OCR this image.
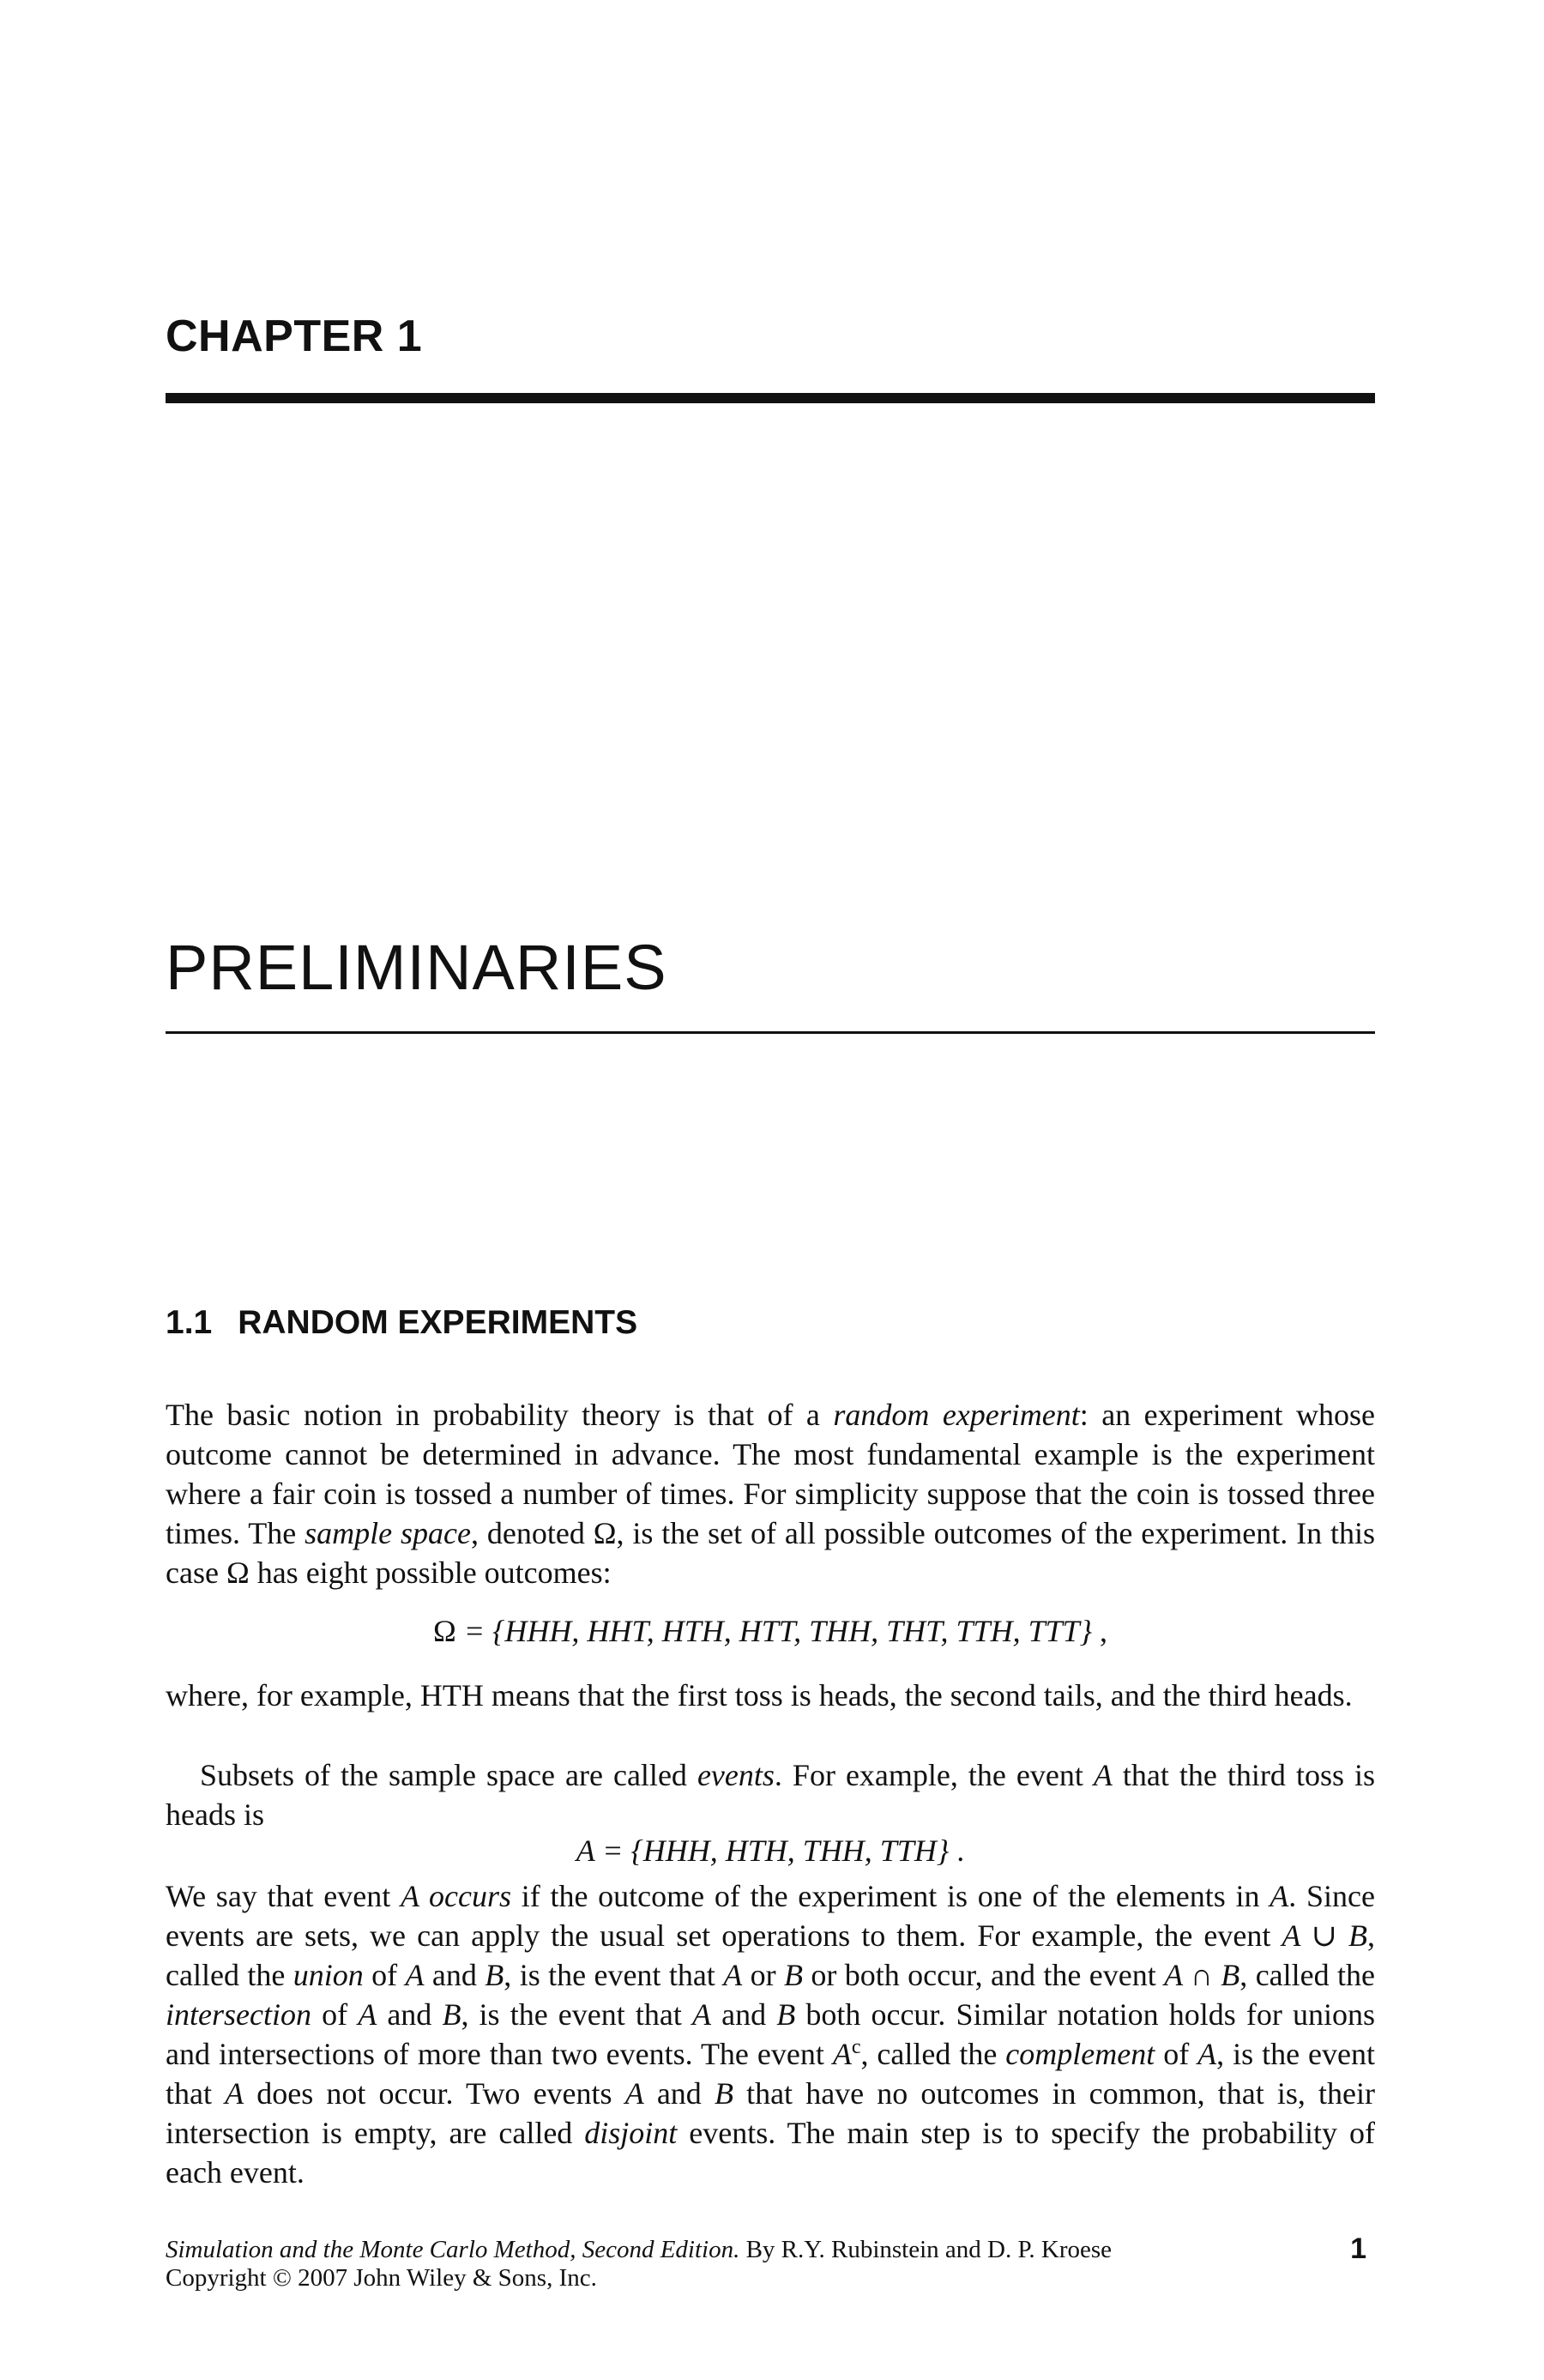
CHAPTER 1
PRELIMINARIES
1.1 RANDOM EXPERIMENTS

The basic notion in probability theory is that of a random experiment: an experiment whose outcome cannot be determined in advance. The most fundamental example is the experiment where a fair coin is tossed a number of times. For simplicity suppose that the coin is tossed three times. The sample space, denoted Ω, is the set of all possible outcomes of the experiment. In this case Ω has eight possible outcomes:

Ω = {HHH, HHT, HTH, HTT, THH, THT, TTH, TTT} ,

where, for example, HTH means that the first toss is heads, the second tails, and the third heads.

Subsets of the sample space are called events. For example, the event A that the third toss is heads is

A = {HHH, HTH, THH, TTH} .

We say that event A occurs if the outcome of the experiment is one of the elements in A. Since events are sets, we can apply the usual set operations to them. For example, the event A ∪ B, called the union of A and B, is the event that A or B or both occur, and the event A ∩ B, called the intersection of A and B, is the event that A and B both occur. Similar notation holds for unions and intersections of more than two events. The event $A^c$, called the complement of A, is the event that A does not occur. Two events A and B that have no outcomes in common, that is, their intersection is empty, are called disjoint events. The main step is to specify the probability of each event.

Simulation and the Monte Carlo Method, Second Edition. By R.Y. Rubinstein and D. P. Kroese
Copyright © 2007 John Wiley & Sons, Inc.
1
